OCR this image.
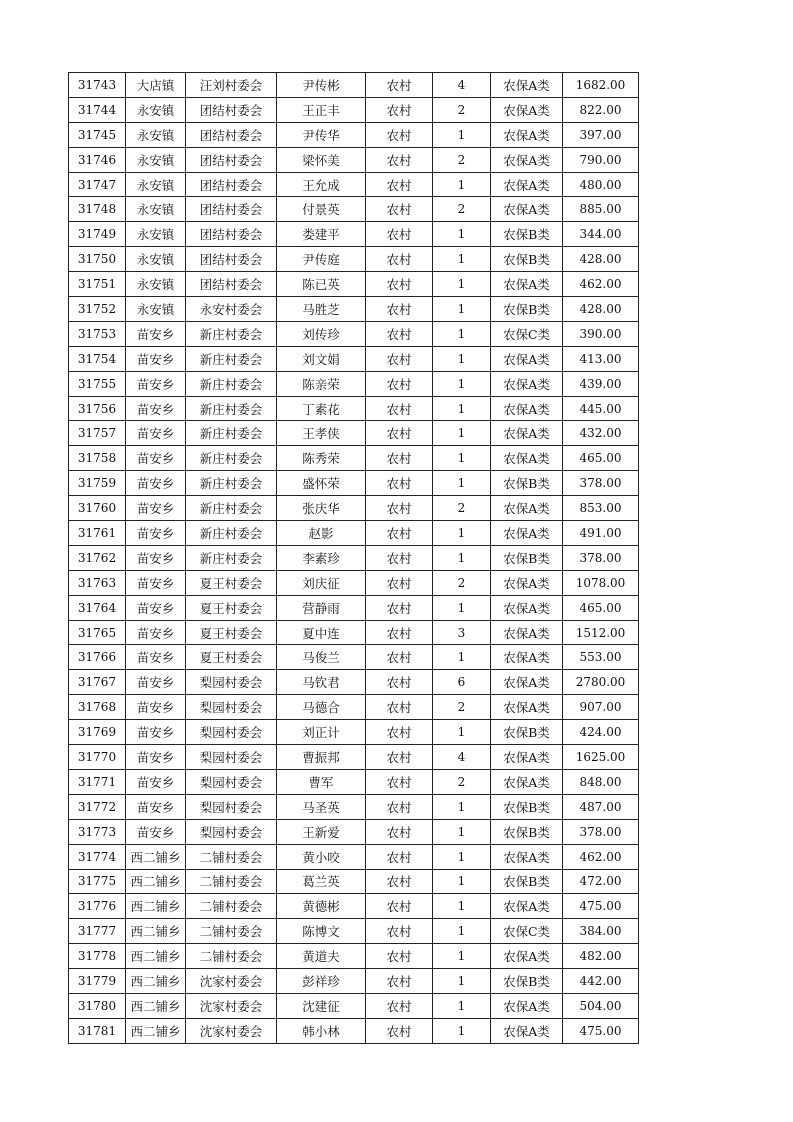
31743	大店镇	汪刘村委会	尹传彬	农村	4	农保A类	1682.00
31744	永安镇	团结村委会	王正丰	农村	2	农保A类	822.00
31745	永安镇	团结村委会	尹传华	农村	1	农保A类	397.00
31746	永安镇	团结村委会	梁怀美	农村	2	农保A类	790.00
31747	永安镇	团结村委会	王允成	农村	1	农保A类	480.00
31748	永安镇	团结村委会	付景英	农村	2	农保A类	885.00
31749	永安镇	团结村委会	娄建平	农村	1	农保B类	344.00
31750	永安镇	团结村委会	尹传庭	农村	1	农保B类	428.00
31751	永安镇	团结村委会	陈已英	农村	1	农保A类	462.00
31752	永安镇	永安村委会	马胜芝	农村	1	农保B类	428.00
31753	苗安乡	新庄村委会	刘传珍	农村	1	农保C类	390.00
31754	苗安乡	新庄村委会	刘文娟	农村	1	农保A类	413.00
31755	苗安乡	新庄村委会	陈亲荣	农村	1	农保A类	439.00
31756	苗安乡	新庄村委会	丁素花	农村	1	农保A类	445.00
31757	苗安乡	新庄村委会	王孝侠	农村	1	农保A类	432.00
31758	苗安乡	新庄村委会	陈秀荣	农村	1	农保A类	465.00
31759	苗安乡	新庄村委会	盛怀荣	农村	1	农保B类	378.00
31760	苗安乡	新庄村委会	张庆华	农村	2	农保A类	853.00
31761	苗安乡	新庄村委会	赵影	农村	1	农保A类	491.00
31762	苗安乡	新庄村委会	李素珍	农村	1	农保B类	378.00
31763	苗安乡	夏王村委会	刘庆征	农村	2	农保A类	1078.00
31764	苗安乡	夏王村委会	营静雨	农村	1	农保A类	465.00
31765	苗安乡	夏王村委会	夏中连	农村	3	农保A类	1512.00
31766	苗安乡	夏王村委会	马俊兰	农村	1	农保A类	553.00
31767	苗安乡	梨园村委会	马钦君	农村	6	农保A类	2780.00
31768	苗安乡	梨园村委会	马德合	农村	2	农保A类	907.00
31769	苗安乡	梨园村委会	刘正计	农村	1	农保B类	424.00
31770	苗安乡	梨园村委会	曹振邦	农村	4	农保A类	1625.00
31771	苗安乡	梨园村委会	曹军	农村	2	农保A类	848.00
31772	苗安乡	梨园村委会	马圣英	农村	1	农保B类	487.00
31773	苗安乡	梨园村委会	王新爱	农村	1	农保B类	378.00
31774	西二铺乡	二铺村委会	黄小咬	农村	1	农保A类	462.00
31775	西二铺乡	二铺村委会	葛兰英	农村	1	农保B类	472.00
31776	西二铺乡	二铺村委会	黄德彬	农村	1	农保A类	475.00
31777	西二铺乡	二铺村委会	陈博文	农村	1	农保C类	384.00
31778	西二铺乡	二铺村委会	黄道夫	农村	1	农保A类	482.00
31779	西二铺乡	沈家村委会	彭祥珍	农村	1	农保B类	442.00
31780	西二铺乡	沈家村委会	沈建征	农村	1	农保A类	504.00
31781	西二铺乡	沈家村委会	韩小林	农村	1	农保A类	475.00
